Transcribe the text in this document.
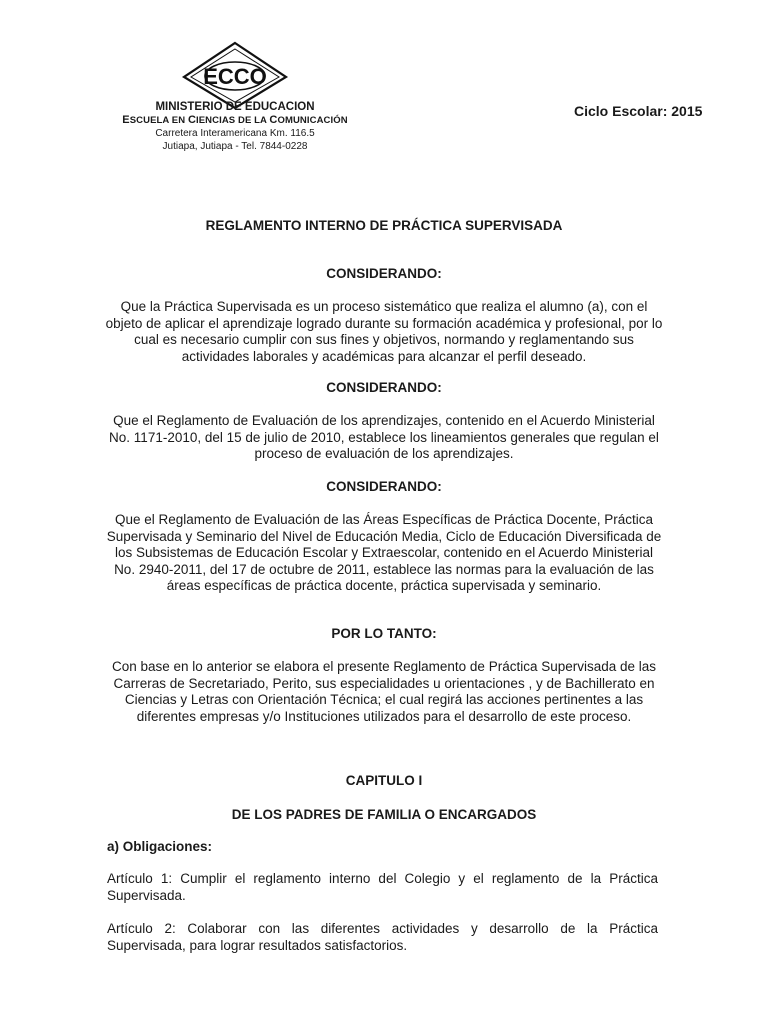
ECCO
MINISTERIO DE EDUCACION
ESCUELA EN CIENCIAS DE LA COMUNICACIÓN
Carretera Interamericana Km. 116.5
Jutiapa, Jutiapa - Tel. 7844-0228
Ciclo Escolar: 2015
REGLAMENTO INTERNO DE PRÁCTICA SUPERVISADA
CONSIDERANDO:
Que la Práctica Supervisada es un proceso sistemático que realiza el alumno (a), con el objeto de aplicar el aprendizaje logrado durante su formación académica y profesional, por lo cual es necesario cumplir con sus fines y objetivos, normando y reglamentando sus actividades laborales y académicas para alcanzar el perfil deseado.
CONSIDERANDO:
Que el Reglamento de Evaluación de los aprendizajes, contenido en el Acuerdo Ministerial No. 1171-2010, del 15 de julio de 2010, establece los lineamientos generales que regulan el proceso de evaluación de los aprendizajes.
CONSIDERANDO:
Que el Reglamento de Evaluación de las Áreas Específicas de Práctica Docente, Práctica Supervisada y Seminario del Nivel de Educación Media, Ciclo de Educación Diversificada de los Subsistemas de Educación Escolar y Extraescolar, contenido en el Acuerdo Ministerial No. 2940-2011, del 17 de octubre de 2011, establece las normas para la evaluación de las áreas específicas de práctica docente, práctica supervisada y seminario.
POR LO TANTO:
Con base en lo anterior se elabora el presente Reglamento de Práctica Supervisada de las Carreras de Secretariado, Perito, sus especialidades u orientaciones , y de Bachillerato en Ciencias y Letras con Orientación Técnica; el cual regirá las acciones pertinentes a las diferentes empresas y/o Instituciones utilizados para el desarrollo de este proceso.
CAPITULO I
DE LOS PADRES DE FAMILIA O ENCARGADOS
a) Obligaciones:
Artículo 1: Cumplir el reglamento interno del Colegio y el reglamento de la Práctica
Supervisada.
Artículo 2: Colaborar con las diferentes actividades y desarrollo de la Práctica
Supervisada, para lograr resultados satisfactorios.
